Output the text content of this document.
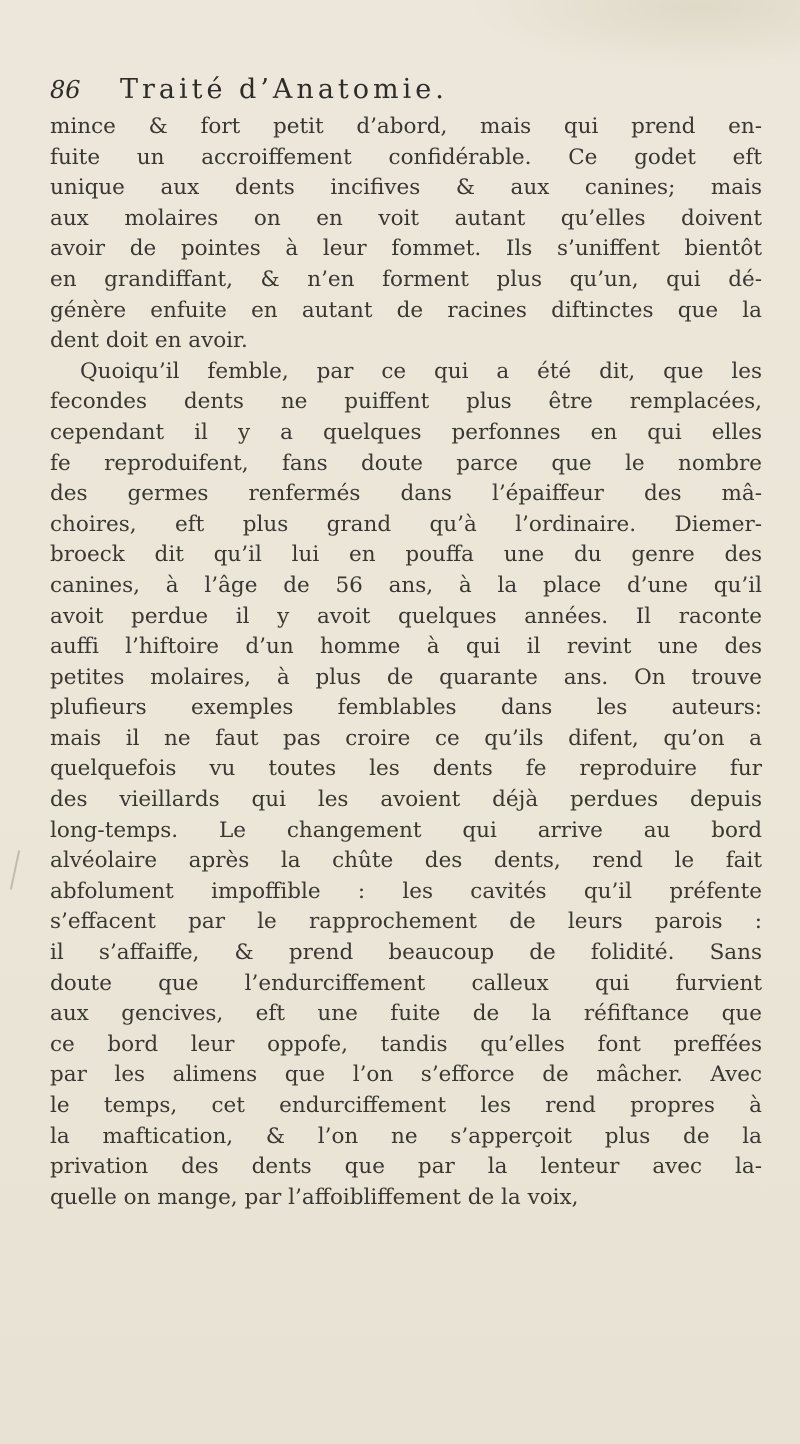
86 Traité d’Anatomie.
mince & fort petit d’abord, mais qui prend en-
fuite un accroiffement confidérable. Ce godet eft
unique aux dents incifives & aux canines; mais
aux molaires on en voit autant qu’elles doivent
avoir de pointes à leur fommet. Ils s’uniffent bientôt
en grandiffant, & n’en forment plus qu’un, qui dé-
génère enfuite en autant de racines diftinctes que la
dent doit en avoir.
Quoiqu’il femble, par ce qui a été dit, que les
fecondes dents ne puiffent plus être remplacées,
cependant il y a quelques perfonnes en qui elles
fe reproduifent, fans doute parce que le nombre
des germes renfermés dans l’épaiffeur des mâ-
choires, eft plus grand qu’à l’ordinaire. Diemer-
broeck dit qu’il lui en pouffa une du genre des
canines, à l’âge de 56 ans, à la place d’une qu’il
avoit perdue il y avoit quelques années. Il raconte
auffi l’hiftoire d’un homme à qui il revint une des
petites molaires, à plus de quarante ans. On trouve
plufieurs exemples femblables dans les auteurs:
mais il ne faut pas croire ce qu’ils difent, qu’on a
quelquefois vu toutes les dents fe reproduire fur
des vieillards qui les avoient déjà perdues depuis
long-temps. Le changement qui arrive au bord
alvéolaire après la chûte des dents, rend le fait
abfolument impoffible : les cavités qu’il préfente
s’effacent par le rapprochement de leurs parois :
il s’affaiffe, & prend beaucoup de folidité. Sans
doute que l’endurciffement calleux qui furvient
aux gencives, eft une fuite de la réfiftance que
ce bord leur oppofe, tandis qu’elles font preffées
par les alimens que l’on s’efforce de mâcher. Avec
le temps, cet endurciffement les rend propres à
la maftication, & l’on ne s’apperçoit plus de la
privation des dents que par la lenteur avec la-
quelle on mange, par l’affoibliffement de la voix,
